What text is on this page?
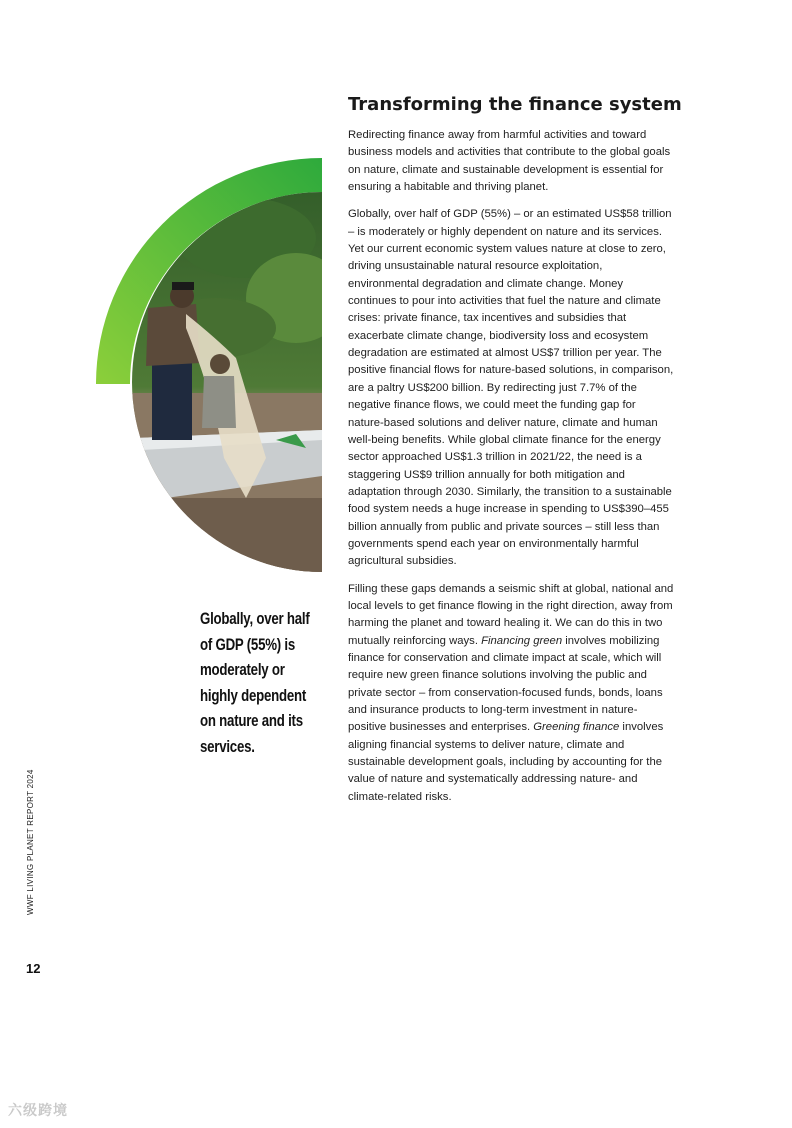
Transforming the finance system

Redirecting finance away from harmful activities and toward business models and activities that contribute to the global goals on nature, climate and sustainable development is essential for ensuring a habitable and thriving planet.

Globally, over half of GDP (55%) – or an estimated US$58 trillion – is moderately or highly dependent on nature and its services. Yet our current economic system values nature at close to zero, driving unsustainable natural resource exploitation, environmental degradation and climate change. Money continues to pour into activities that fuel the nature and climate crises: private finance, tax incentives and subsidies that exacerbate climate change, biodiversity loss and ecosystem degradation are estimated at almost US$7 trillion per year. The positive financial flows for nature-based solutions, in comparison, are a paltry US$200 billion. By redirecting just 7.7% of the negative finance flows, we could meet the funding gap for nature-based solutions and deliver nature, climate and human well-being benefits. While global climate finance for the energy sector approached US$1.3 trillion in 2021/22, the need is a staggering US$9 trillion annually for both mitigation and adaptation through 2030. Similarly, the transition to a sustainable food system needs a huge increase in spending to US$390–455 billion annually from public and private sources – still less than governments spend each year on environmentally harmful agricultural subsidies.

Filling these gaps demands a seismic shift at global, national and local levels to get finance flowing in the right direction, away from harming the planet and toward healing it. We can do this in two mutually reinforcing ways. Financing green involves mobilizing finance for conservation and climate impact at scale, which will require new green finance solutions involving the public and private sector – from conservation-focused funds, bonds, loans and insurance products to long-term investment in nature-positive businesses and enterprises. Greening finance involves aligning financial systems to deliver nature, climate and sustainable development goals, including by accounting for the value of nature and systematically addressing nature- and climate-related risks.

Globally, over half of GDP (55%) is moderately or highly dependent on nature and its services.

WWF LIVING PLANET REPORT 2024
12
六级跨境
